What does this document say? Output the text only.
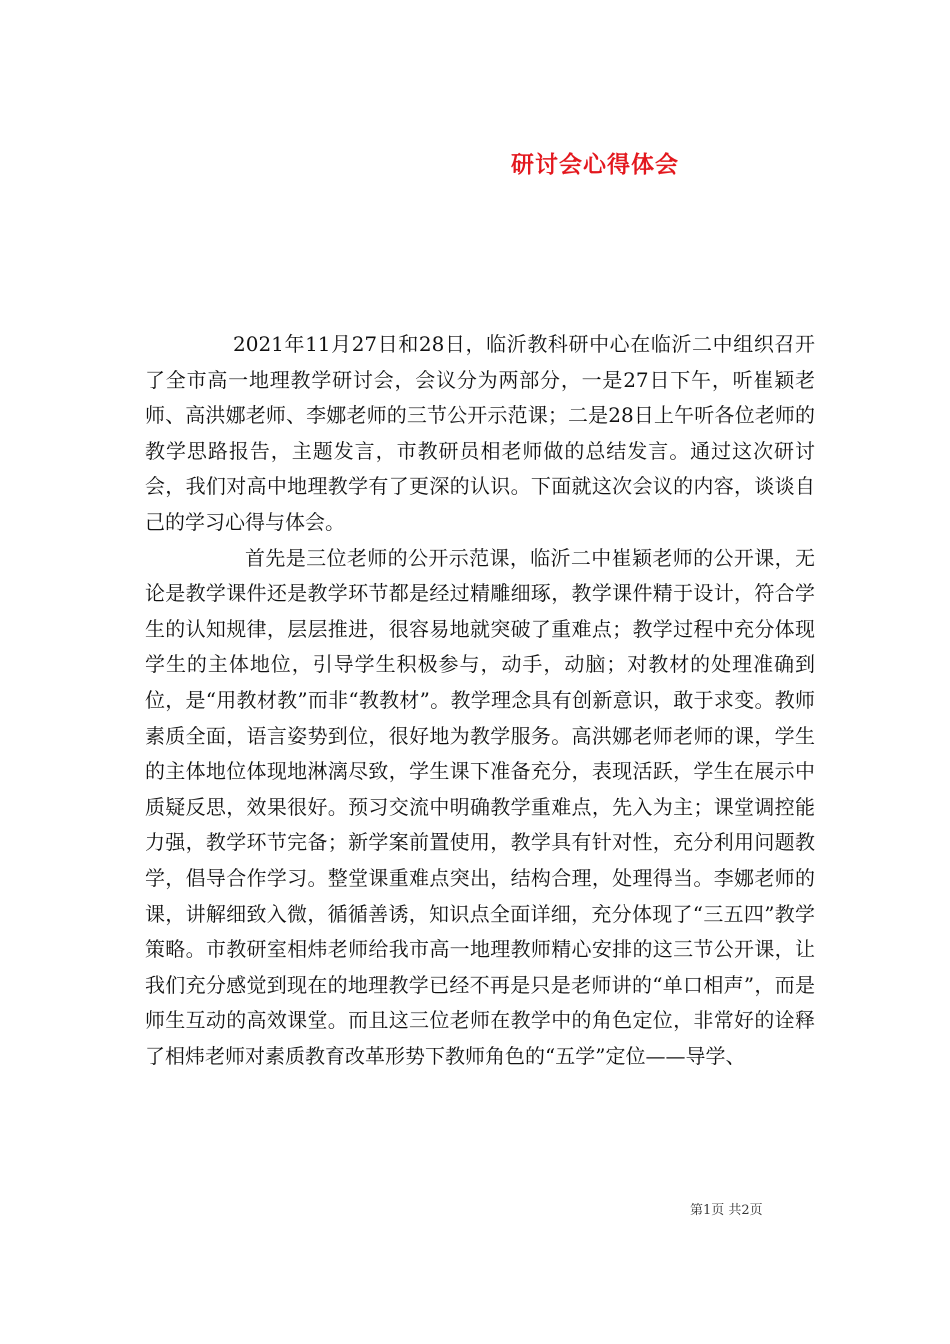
研讨会心得体会

2021年11月27日和28日，临沂教科研中心在临沂二中组织召开了全市高一地理教学研讨会，会议分为两部分，一是27日下午，听崔颖老师、高洪娜老师、李娜老师的三节公开示范课；二是28日上午听各位老师的教学思路报告，主题发言，市教研员相老师做的总结发言。通过这次研讨会，我们对高中地理教学有了更深的认识。下面就这次会议的内容，谈谈自己的学习心得与体会。

首先是三位老师的公开示范课，临沂二中崔颖老师的公开课，无论是教学课件还是教学环节都是经过精雕细琢，教学课件精于设计，符合学生的认知规律，层层推进，很容易地就突破了重难点；教学过程中充分体现学生的主体地位，引导学生积极参与，动手，动脑；对教材的处理准确到位，是“用教材教”而非“教教材”。教学理念具有创新意识，敢于求变。教师素质全面，语言姿势到位，很好地为教学服务。高洪娜老师老师的课，学生的主体地位体现地淋漓尽致，学生课下准备充分，表现活跃，学生在展示中质疑反思，效果很好。预习交流中明确教学重难点，先入为主；课堂调控能力强，教学环节完备；新学案前置使用，教学具有针对性，充分利用问题教学，倡导合作学习。整堂课重难点突出，结构合理，处理得当。李娜老师的课，讲解细致入微，循循善诱，知识点全面详细，充分体现了“三五四”教学策略。市教研室相炜老师给我市高一地理教师精心安排的这三节公开课，让我们充分感觉到现在的地理教学已经不再是只是老师讲的“单口相声”，而是师生互动的高效课堂。而且这三位老师在教学中的角色定位，非常好的诠释了相炜老师对素质教育改革形势下教师角色的“五学”定位——导学、

第1页 共2页
